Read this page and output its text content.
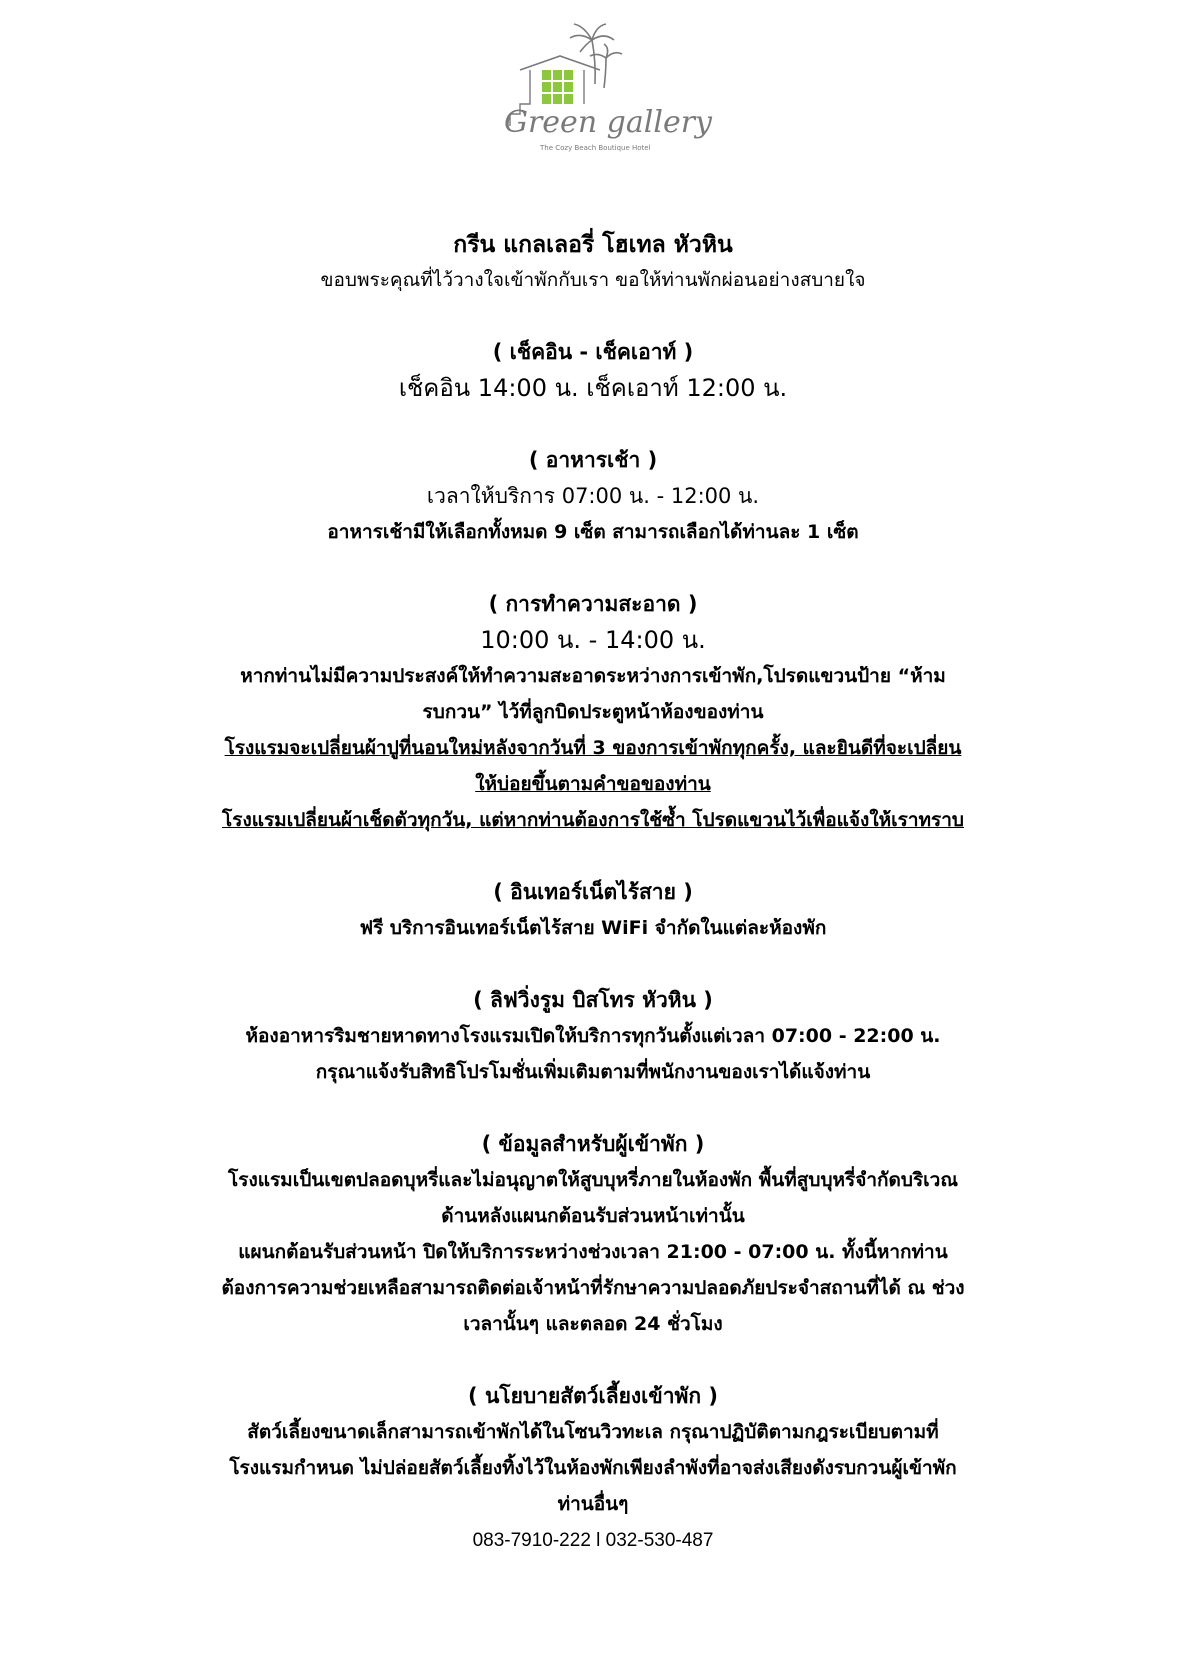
Green gallery
The Cozy Beach Boutique Hotel

กรีน แกลเลอรี่ โฮเทล หัวหิน

ขอบพระคุณที่ไว้วางใจเข้าพักกับเรา ขอให้ท่านพักผ่อนอย่างสบายใจ

( เช็คอิน - เช็คเอาท์ )

เช็คอิน 14:00 น. เช็คเอาท์ 12:00 น.

( อาหารเช้า )

เวลาให้บริการ 07:00 น. - 12:00 น.

อาหารเช้ามีให้เลือกทั้งหมด 9 เซ็ต สามารถเลือกได้ท่านละ 1 เซ็ต

( การทำความสะอาด )

10:00 น. - 14:00 น.

หากท่านไม่มีความประสงค์ให้ทำความสะอาดระหว่างการเข้าพัก,โปรดแขวนป้าย “ห้าม

รบกวน” ไว้ที่ลูกบิดประตูหน้าห้องของท่าน

โรงแรมจะเปลี่ยนผ้าปูที่นอนใหม่หลังจากวันที่ 3 ของการเข้าพักทุกครั้ง, และยินดีที่จะเปลี่ยน

ให้บ่อยขึ้นตามคำขอของท่าน

โรงแรมเปลี่ยนผ้าเช็ดตัวทุกวัน, แต่หากท่านต้องการใช้ซ้ำ โปรดแขวนไว้เพื่อแจ้งให้เราทราบ

( อินเทอร์เน็ตไร้สาย )

ฟรี บริการอินเทอร์เน็ตไร้สาย WiFi จำกัดในแต่ละห้องพัก

( ลิฟวิ่งรูม บิสโทร หัวหิน )

ห้องอาหารริมชายหาดทางโรงแรมเปิดให้บริการทุกวันตั้งแต่เวลา 07:00 - 22:00 น.

กรุณาแจ้งรับสิทธิโปรโมชั่นเพิ่มเติมตามที่พนักงานของเราได้แจ้งท่าน

( ข้อมูลสำหรับผู้เข้าพัก )

โรงแรมเป็นเขตปลอดบุหรี่และไม่อนุญาตให้สูบบุหรี่ภายในห้องพัก พื้นที่สูบบุหรี่จำกัดบริเวณ

ด้านหลังแผนกต้อนรับส่วนหน้าเท่านั้น

แผนกต้อนรับส่วนหน้า ปิดให้บริการระหว่างช่วงเวลา 21:00 - 07:00 น. ทั้งนี้หากท่าน

ต้องการความช่วยเหลือสามารถติดต่อเจ้าหน้าที่รักษาความปลอดภัยประจำสถานที่ได้ ณ ช่วง

เวลานั้นๆ และตลอด 24 ชั่วโมง

( นโยบายสัตว์เลี้ยงเข้าพัก )

สัตว์เลี้ยงขนาดเล็กสามารถเข้าพักได้ในโซนวิวทะเล กรุณาปฏิบัติตามกฎระเบียบตามที่

โรงแรมกำหนด ไม่ปล่อยสัตว์เลี้ยงทิ้งไว้ในห้องพักเพียงลำพังที่อาจส่งเสียงดังรบกวนผู้เข้าพัก

ท่านอื่นๆ

083-7910-222 l 032-530-487
